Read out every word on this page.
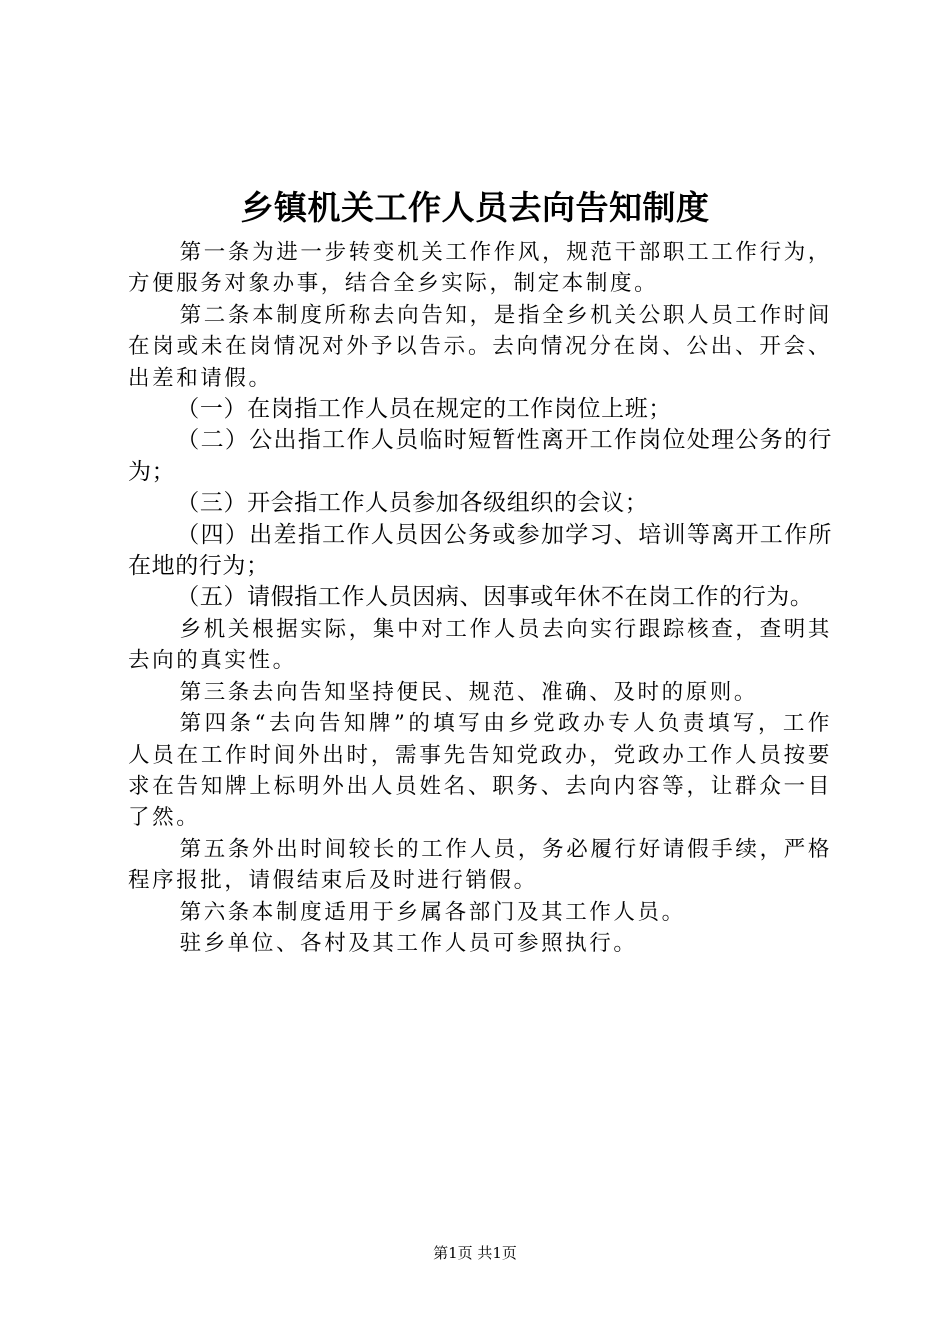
乡镇机关工作人员去向告知制度

第一条为进一步转变机关工作作风，规范干部职工工作行为，方便服务对象办事，结合全乡实际，制定本制度。

第二条本制度所称去向告知，是指全乡机关公职人员工作时间在岗或未在岗情况对外予以告示。去向情况分在岗、公出、开会、出差和请假。

（一）在岗指工作人员在规定的工作岗位上班；

（二）公出指工作人员临时短暂性离开工作岗位处理公务的行为；

（三）开会指工作人员参加各级组织的会议；

（四）出差指工作人员因公务或参加学习、培训等离开工作所在地的行为；

（五）请假指工作人员因病、因事或年休不在岗工作的行为。

乡机关根据实际，集中对工作人员去向实行跟踪核查，查明其去向的真实性。

第三条去向告知坚持便民、规范、准确、及时的原则。

第四条“去向告知牌”的填写由乡党政办专人负责填写，工作人员在工作时间外出时，需事先告知党政办，党政办工作人员按要求在告知牌上标明外出人员姓名、职务、去向内容等，让群众一目了然。

第五条外出时间较长的工作人员，务必履行好请假手续，严格程序报批，请假结束后及时进行销假。

第六条本制度适用于乡属各部门及其工作人员。

驻乡单位、各村及其工作人员可参照执行。

第1页 共1页
